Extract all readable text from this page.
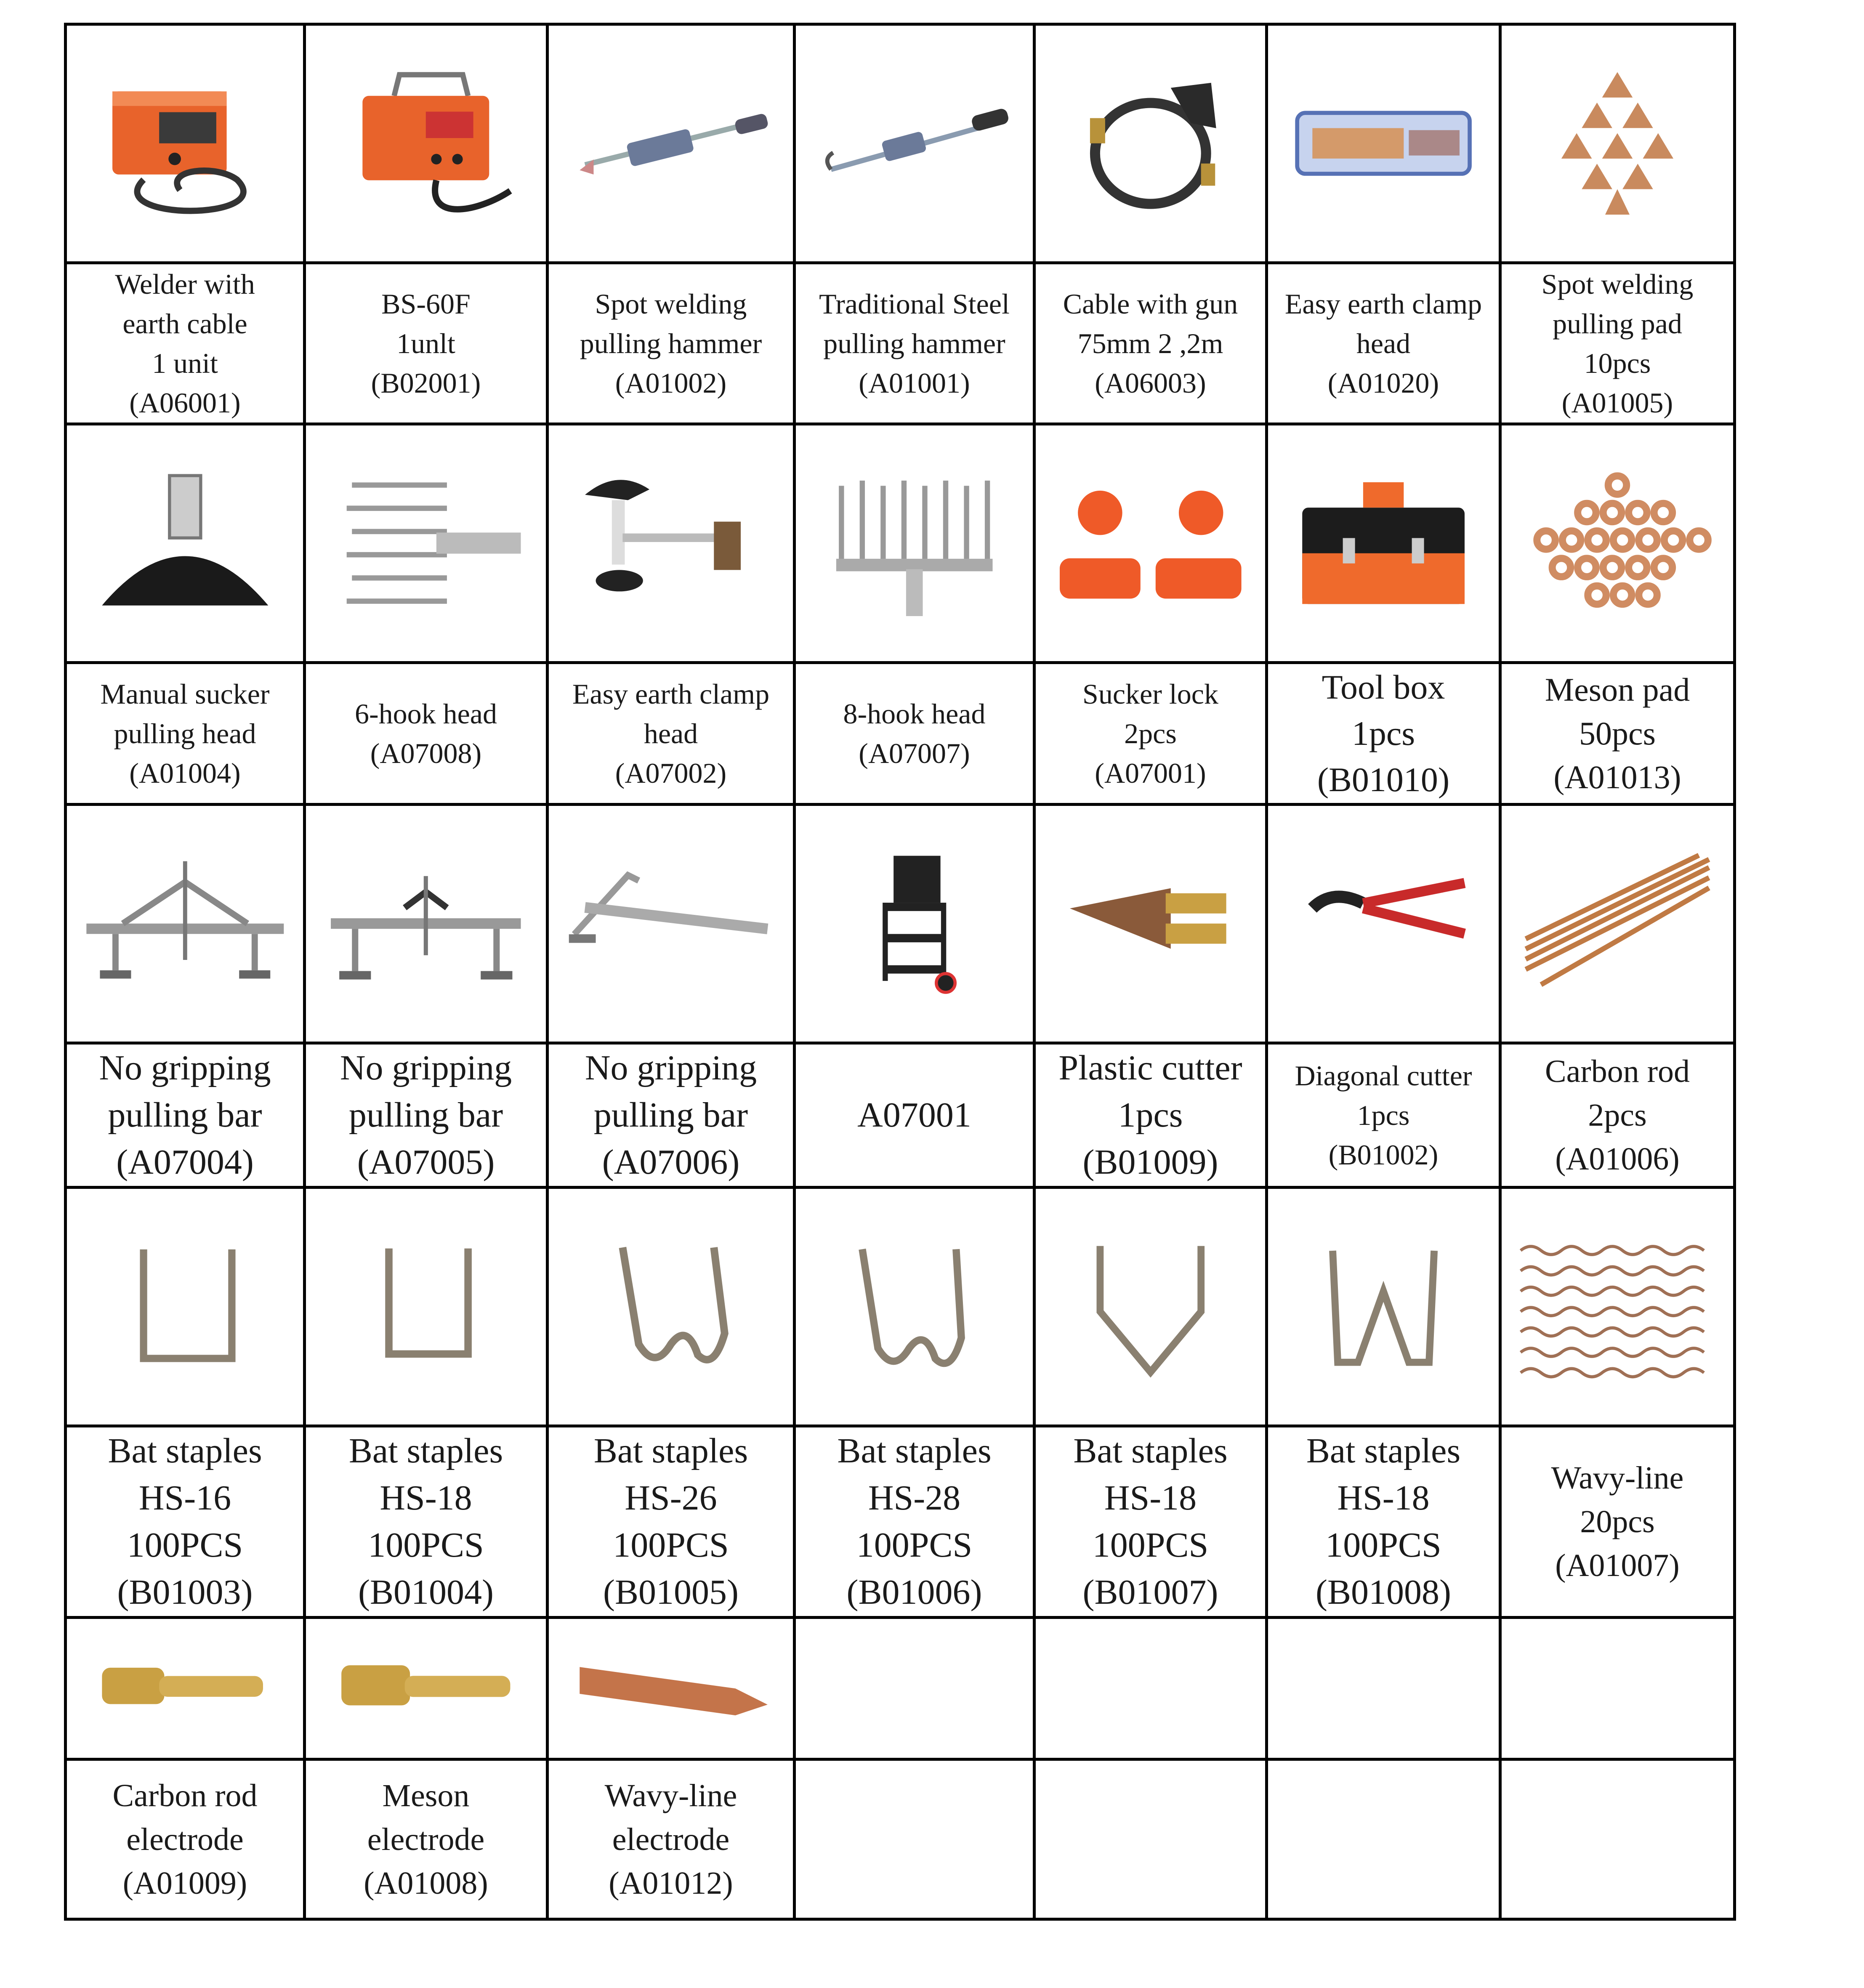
Welder with
earth cable
1 unit
(A06001)	BS-60F
1unlt
(B02001)	Spot welding
pulling hammer
(A01002)	Traditional Steel
pulling hammer
(A01001)	Cable with gun
75mm 2 ,2m
(A06003)	Easy earth clamp
head
(A01020)	Spot welding
pulling pad
10pcs
(A01005)

Manual sucker
pulling head
(A01004)	6-hook head
(A07008)	Easy earth clamp
head
(A07002)	8-hook head
(A07007)	Sucker lock
2pcs
(A07001)	Tool box
1pcs
(B01010)	Meson pad
50pcs
(A01013)

No gripping
pulling bar
(A07004)	No gripping
pulling bar
(A07005)	No gripping
pulling bar
(A07006)	A07001	Plastic cutter
1pcs
(B01009)	Diagonal cutter
1pcs
(B01002)	Carbon rod
2pcs
(A01006)

Bat staples
HS-16
100PCS
(B01003)	Bat staples
HS-18
100PCS
(B01004)	Bat staples
HS-26
100PCS
(B01005)	Bat staples
HS-28
100PCS
(B01006)	Bat staples
HS-18
100PCS
(B01007)	Bat staples
HS-18
100PCS
(B01008)	Wavy-line
20pcs
(A01007)

Carbon rod
electrode
(A01009)	Meson
electrode
(A01008)	Wavy-line
electrode
(A01012)				
